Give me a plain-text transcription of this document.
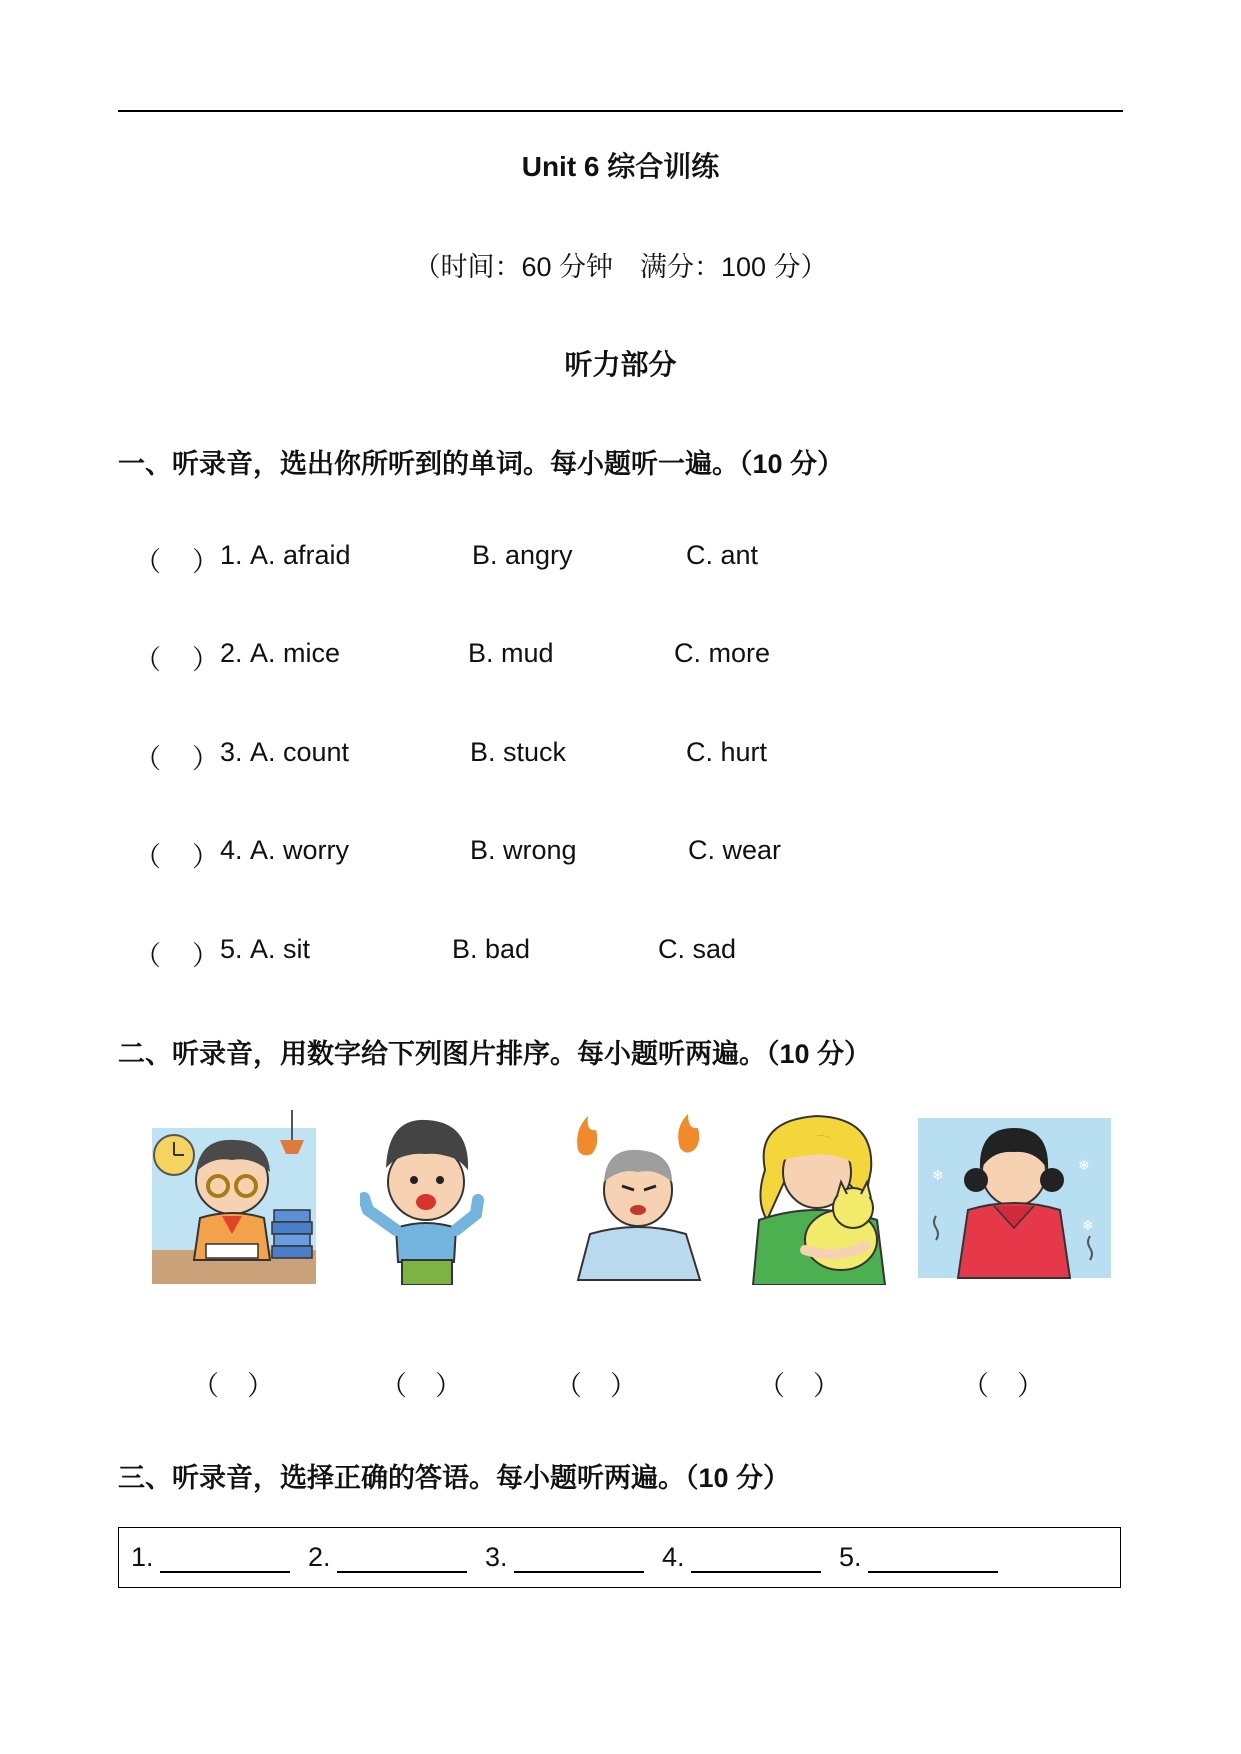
Unit 6 综合训练
（时间：60 分钟　满分：100 分）
听力部分
一、听录音，选出你所听到的单词。每小题听一遍。（10 分）
（ ） 1. A. afraid	B. angry	C. ant
（ ） 2. A. mice	B. mud	C. more
（ ） 3. A. count	B. stuck	C. hurt
（ ） 4. A. worry	B. wrong	C. wear
（ ） 5. A. sit	B. bad	C. sad
二、听录音，用数字给下列图片排序。每小题听两遍。（10 分）
❄
❄
❄
（ ）	（ ）	（ ）	（ ）	（ ）
三、听录音，选择正确的答语。每小题听两遍。（10 分）
1.	2.	3.	4.	5.
